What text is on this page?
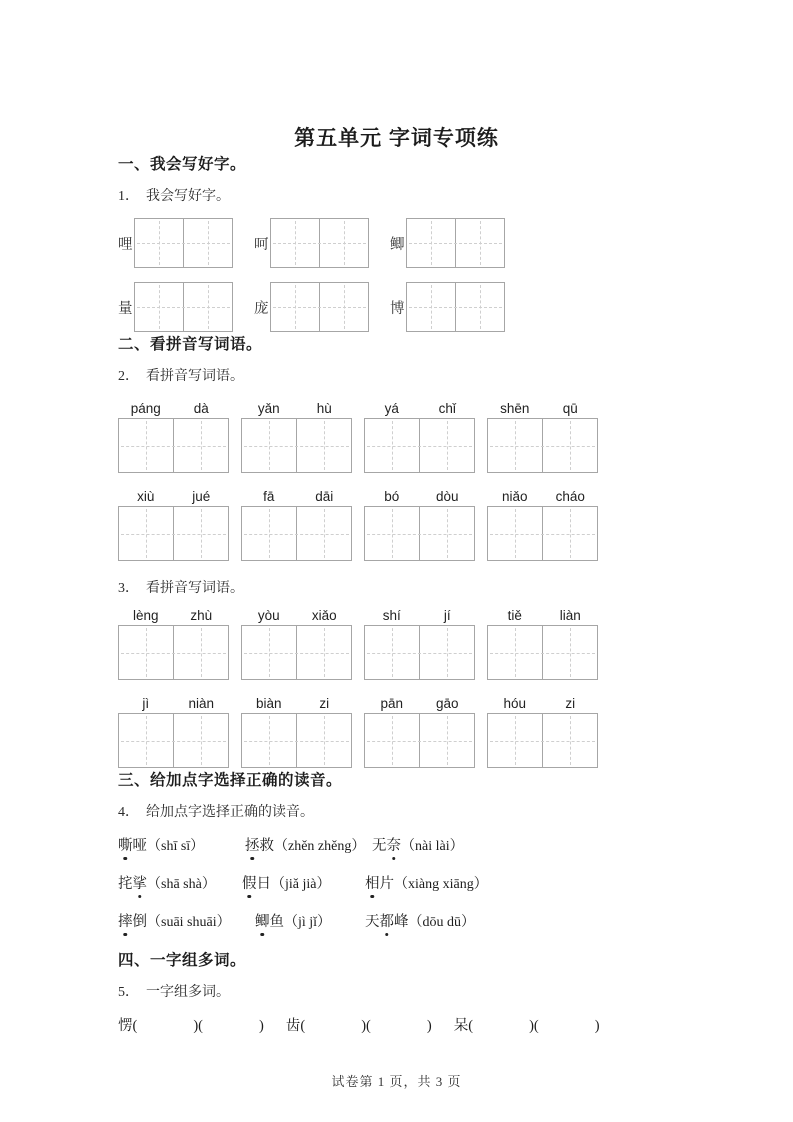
第五单元 字词专项练
一、我会写好字。

1． 我会写好字。

哩	呵	鲫
量	庞	博
二、看拼音写词语。

2． 看拼音写词语。

páng	dà	yǎn	hù	yá	chǐ	shēn	qū
xiù	jué	fā	dāi	bó	dòu	niǎo	cháo

3． 看拼音写词语。

lèng	zhù	yòu	xiǎo	shí	jí	tiě	liàn
jì	niàn	biàn	zi	pān	gāo	hóu	zi
三、给加点字选择正确的读音。

4． 给加点字选择正确的读音。

嘶哑（shī sī）	拯救（zhěn zhěng） 无奈（nài lài）
挓挲（shā shà）	假日（jiǎ jià）	相片（xiàng xiāng）
摔倒（suāi shuāi）	鲫鱼（jì jǐ）	天都峰（dōu dū）
四、一字组多词。

5． 一字组多词。

愣(	)(	) 齿(	)(	) 呆(	)(	)
试卷第 1 页，共 3 页
